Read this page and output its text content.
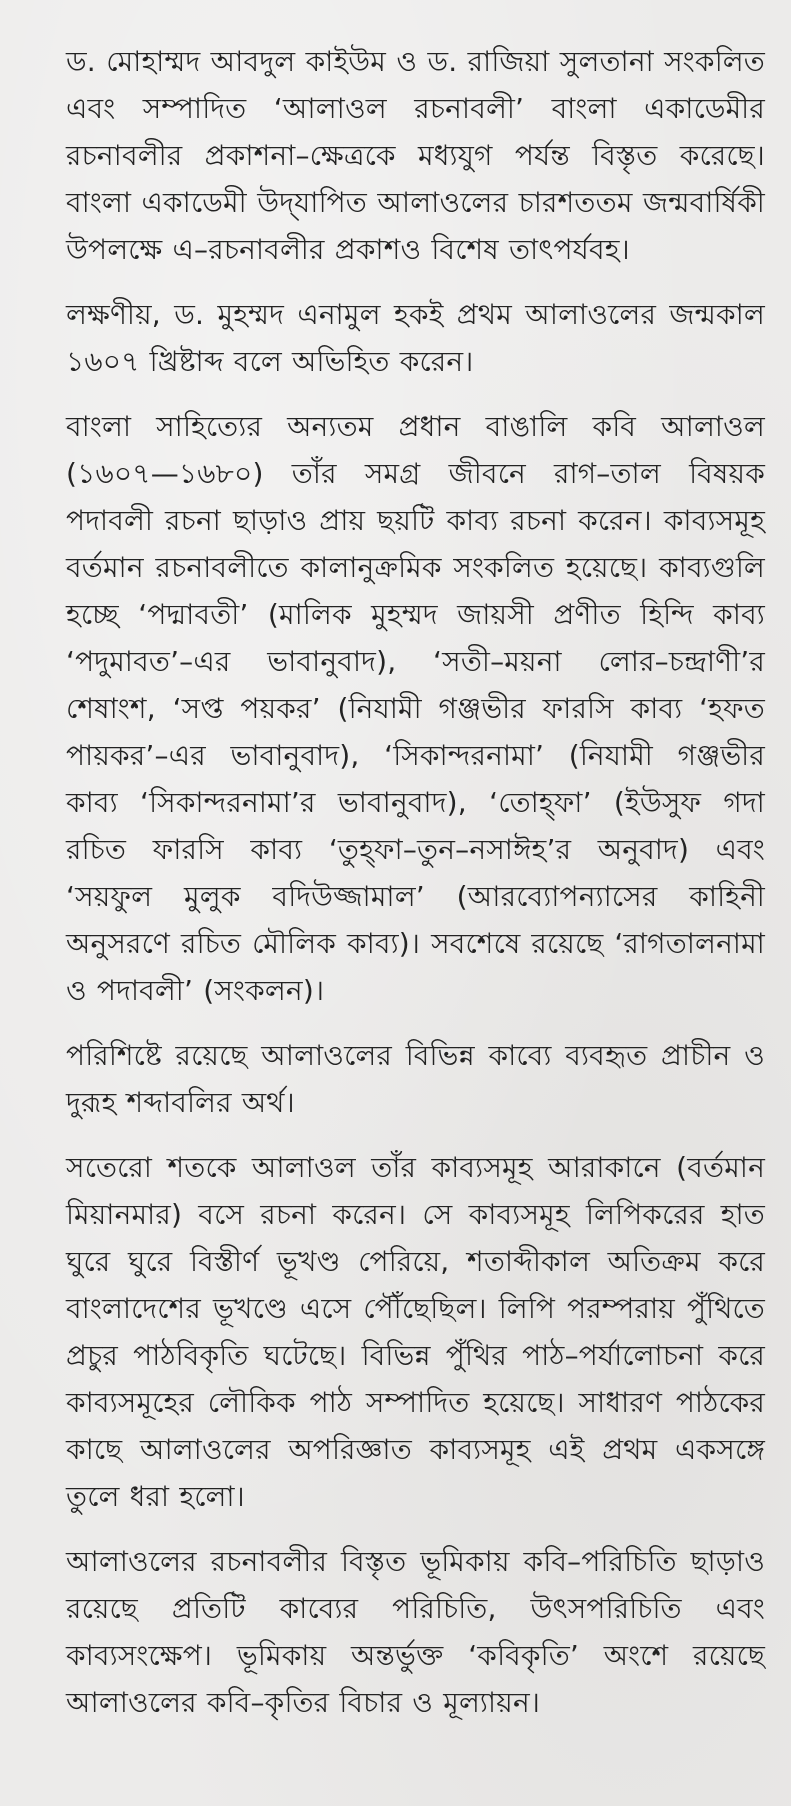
ড. মোহাম্মদ আবদুল কাইউম ও ড. রাজিয়া সুলতানা সংকলিত এবং সম্পাদিত ‘আলাওল রচনাবলী’ বাংলা একাডেমীর রচনাবলীর প্রকাশনা–ক্ষেত্রকে মধ্যযুগ পর্যন্ত বিস্তৃত করেছে। বাংলা একাডেমী উদ্‌যাপিত আলাওলের চারশততম জন্মবার্ষিকী উপলক্ষে এ–রচনাবলীর প্রকাশও বিশেষ তাৎপর্যবহ।

লক্ষণীয়, ড. মুহম্মদ এনামুল হকই প্রথম আলাওলের জন্মকাল ১৬০৭ খ্রিষ্টাব্দ বলে অভিহিত করেন।

বাংলা সাহিত্যের অন্যতম প্রধান বাঙালি কবি আলাওল (১৬০৭—১৬৮০) তাঁর সমগ্র জীবনে রাগ–তাল বিষয়ক পদাবলী রচনা ছাড়াও প্রায় ছয়টি কাব্য রচনা করেন। কাব্যসমূহ বর্তমান রচনাবলীতে কালানুক্রমিক সংকলিত হয়েছে। কাব্যগুলি হচ্ছে ‘পদ্মাবতী’ (মালিক মুহম্মদ জায়সী প্রণীত হিন্দি কাব্য ‘পদুমাবত’–এর ভাবানুবাদ), ‘সতী–ময়না লোর–চন্দ্রাণী’র শেষাংশ, ‘সপ্ত পয়কর’ (নিযামী গঞ্জভীর ফারসি কাব্য ‘হফত পায়কর’–এর ভাবানুবাদ), ‘সিকান্দরনামা’ (নিযামী গঞ্জভীর কাব্য ‘সিকান্দরনামা’র ভাবানুবাদ), ‘তোহ্‌ফা’ (ইউসুফ গদা রচিত ফারসি কাব্য ‘তুহ্‌ফা–তুন–নসাঈহ’র অনুবাদ) এবং ‘সয়ফুল মুলুক বদিউজ্জামাল’ (আরব্যোপন্যাসের কাহিনী অনুসরণে রচিত মৌলিক কাব্য)। সবশেষে রয়েছে ‘রাগতালনামা ও পদাবলী’ (সংকলন)।

পরিশিষ্টে রয়েছে আলাওলের বিভিন্ন কাব্যে ব্যবহৃত প্রাচীন ও দুরূহ শব্দাবলির অর্থ।

সতেরো শতকে আলাওল তাঁর কাব্যসমূহ আরাকানে (বর্তমান মিয়ানমার) বসে রচনা করেন। সে কাব্যসমূহ লিপিকরের হাত ঘুরে ঘুরে বিস্তীর্ণ ভূখণ্ড পেরিয়ে, শতাব্দীকাল অতিক্রম করে বাংলাদেশের ভূখণ্ডে এসে পৌঁছেছিল। লিপি পরম্পরায় পুঁথিতে প্রচুর পাঠবিকৃতি ঘটেছে। বিভিন্ন পুঁথির পাঠ–পর্যালোচনা করে কাব্যসমূহের লৌকিক পাঠ সম্পাদিত হয়েছে। সাধারণ পাঠকের কাছে আলাওলের অপরিজ্ঞাত কাব্যসমূহ এই প্রথম একসঙ্গে তুলে ধরা হলো।

আলাওলের রচনাবলীর বিস্তৃত ভূমিকায় কবি–পরিচিতি ছাড়াও রয়েছে প্রতিটি কাব্যের পরিচিতি, উৎসপরিচিতি এবং কাব্যসংক্ষেপ। ভূমিকায় অন্তর্ভুক্ত ‘কবিকৃতি’ অংশে রয়েছে আলাওলের কবি–কৃতির বিচার ও মূল্যায়ন।
